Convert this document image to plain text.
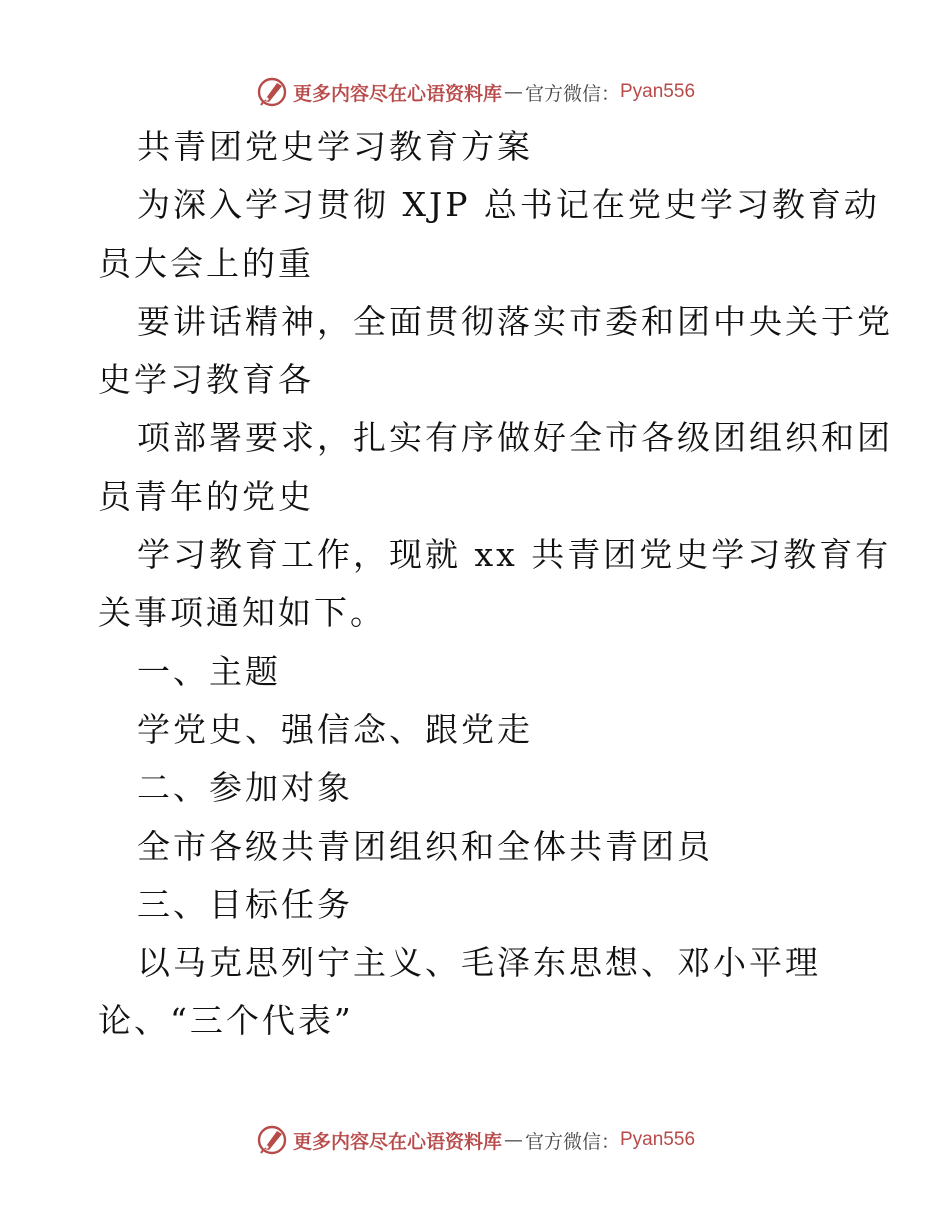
更多内容尽在心语资料库 — 官方微信： Pyan556
共青团党史学习教育方案
为深入学习贯彻 XJP 总书记在党史学习教育动
员大会上的重
要讲话精神，全面贯彻落实市委和团中央关于党
史学习教育各
项部署要求，扎实有序做好全市各级团组织和团
员青年的党史
学习教育工作，现就 xx 共青团党史学习教育有
关事项通知如下。
一、主题
学党史、强信念、跟党走
二、参加对象
全市各级共青团组织和全体共青团员
三、目标任务
以马克思列宁主义、毛泽东思想、邓小平理
论、“三个代表”
更多内容尽在心语资料库 — 官方微信： Pyan556
